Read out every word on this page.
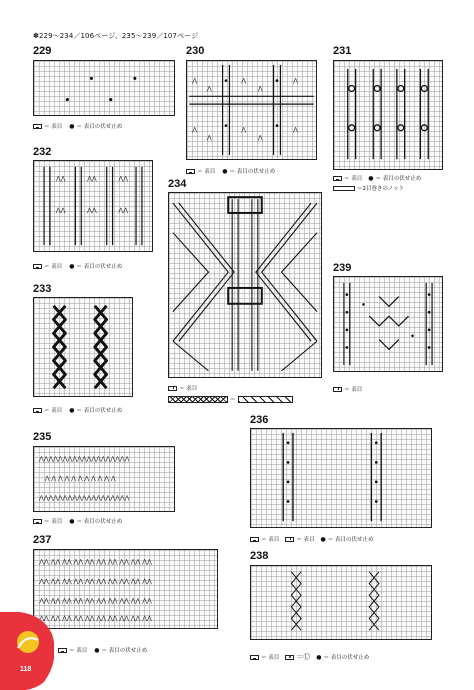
✽229〜234／106ページ、235〜239／107ページ
229
＝ 表目 ● ＝ 表目の伏せ止め
230
⋀
⋀
⋀
⋀
⋀
⋀
⋀
⋀
⋀
⋀
＝ 表目 ● ＝ 表目の伏せ止め
231
＝ 表目 ● ＝ 表目の伏せ止め
＝2目巻きのノット
232
⋀⋀	⋀⋀	⋀⋀
⋀⋀	⋀⋀	⋀⋀
＝ 表目 ● ＝ 表目の伏せ止め
233
＝ 表目 ● ＝ 表目の伏せ止め
234
＝ 表目
＝
239
＝ 表目
235
⋀⋀⋀⋀⋀⋀⋀⋀⋀⋀⋀⋀⋀⋀⋀⋀⋀⋀⋀
⋀ ⋀ ⋀ ⋀ ⋀ ⋀ ⋀ ⋀ ⋀ ⋀ ⋀
⋀⋀⋀⋀⋀⋀⋀⋀⋀⋀⋀⋀⋀⋀⋀⋀⋀⋀⋀
＝ 表目 ● ＝ 表目の伏せ止め
236
＝ 表目	＝ 表目 ● ＝ 表目の伏せ止め
237
⋀⋀ ⋀⋀ ⋀⋀ ⋀⋀ ⋀⋀ ⋀⋀ ⋀⋀ ⋀⋀ ⋀⋀ ⋀⋀
⋀⋀ ⋀⋀ ⋀⋀ ⋀⋀ ⋀⋀ ⋀⋀ ⋀⋀ ⋀⋀ ⋀⋀ ⋀⋀
⋀⋀ ⋀⋀ ⋀⋀ ⋀⋀ ⋀⋀ ⋀⋀ ⋀⋀ ⋀⋀ ⋀⋀ ⋀⋀
⋀⋀ ⋀⋀ ⋀⋀ ⋀⋀ ⋀⋀ ⋀⋀ ⋀⋀ ⋀⋀ ⋀⋀ ⋀⋀
＝ 表目 ● ＝ 表目の伏せ止め
238
＝ 表目 ＝Ⓤ ● ＝ 表目の伏せ止め
118
